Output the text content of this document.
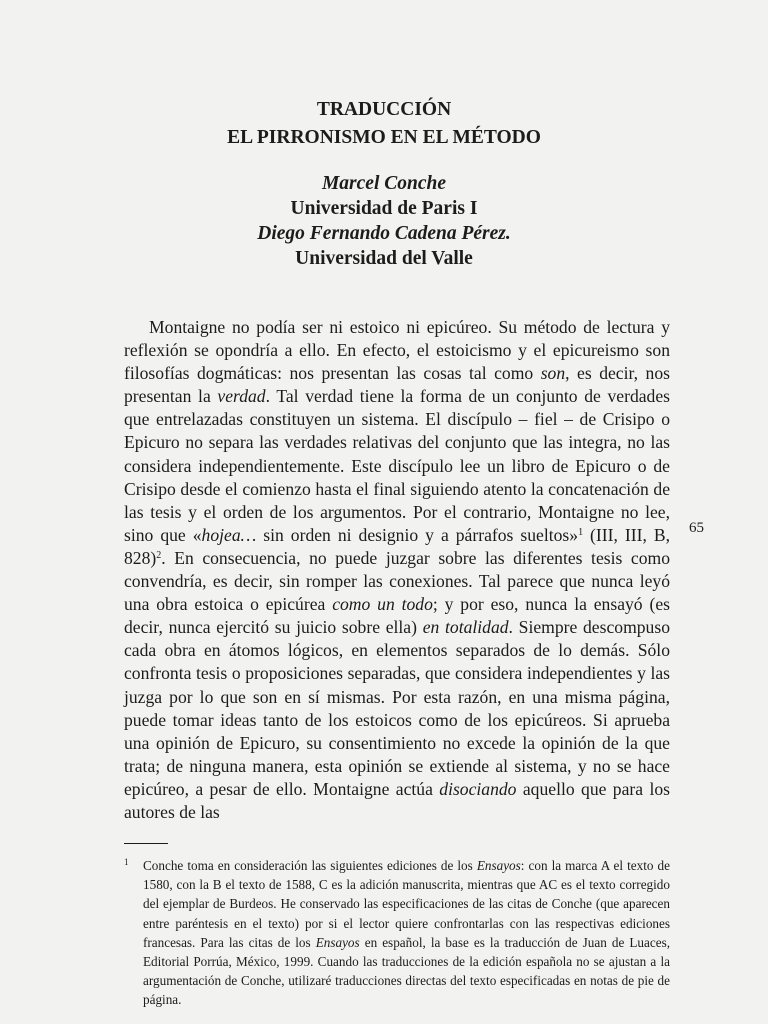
TRADUCCIÓN
EL PIRRONISMO EN EL MÉTODO
Marcel Conche
Universidad de Paris I
Diego Fernando Cadena Pérez.
Universidad del Valle

Montaigne no podía ser ni estoico ni epicúreo. Su método de lectura y reflexión se opondría a ello. En efecto, el estoicismo y el epicureismo son filosofías dogmáticas: nos presentan las cosas tal como son, es decir, nos presentan la verdad. Tal verdad tiene la forma de un conjunto de verdades que entrelazadas constituyen un sistema. El discípulo – fiel – de Crisipo o Epicuro no separa las verdades relativas del conjunto que las integra, no las considera independientemente. Este discípulo lee un libro de Epicuro o de Crisipo desde el comienzo hasta el final siguiendo atento la concatenación de las tesis y el orden de los argumentos. Por el contrario, Montaigne no lee, sino que «hojea… sin orden ni designio y a párrafos sueltos»$^1$ (III, III, B, 828)$^2$. En consecuencia, no puede juzgar sobre las diferentes tesis como convendría, es decir, sin romper las conexiones. Tal parece que nunca leyó una obra estoica o epicúrea como un todo; y por eso, nunca la ensayó (es decir, nunca ejercitó su juicio sobre ella) en totalidad. Siempre descompuso cada obra en átomos lógicos, en elementos separados de lo demás. Sólo confronta tesis o proposiciones separadas, que considera independientes y las juzga por lo que son en sí mismas. Por esta razón, en una misma página, puede tomar ideas tanto de los estoicos como de los epicúreos. Si aprueba una opinión de Epicuro, su consentimiento no excede la opinión de la que trata; de ninguna manera, esta opinión se extiende al sistema, y no se hace epicúreo, a pesar de ello. Montaigne actúa disociando aquello que para los autores de las

65
1 Conche toma en consideración las siguientes ediciones de los Ensayos: con la marca A el texto de 1580, con la B el texto de 1588, C es la adición manuscrita, mientras que AC es el texto corregido del ejemplar de Burdeos. He conservado las especificaciones de las citas de Conche (que aparecen entre paréntesis en el texto) por si el lector quiere confrontarlas con las respectivas ediciones francesas. Para las citas de los Ensayos en español, la base es la traducción de Juan de Luaces, Editorial Porrúa, México, 1999. Cuando las traducciones de la edición española no se ajustan a la argumentación de Conche, utilizaré traducciones directas del texto especificadas en notas de pie de página.
